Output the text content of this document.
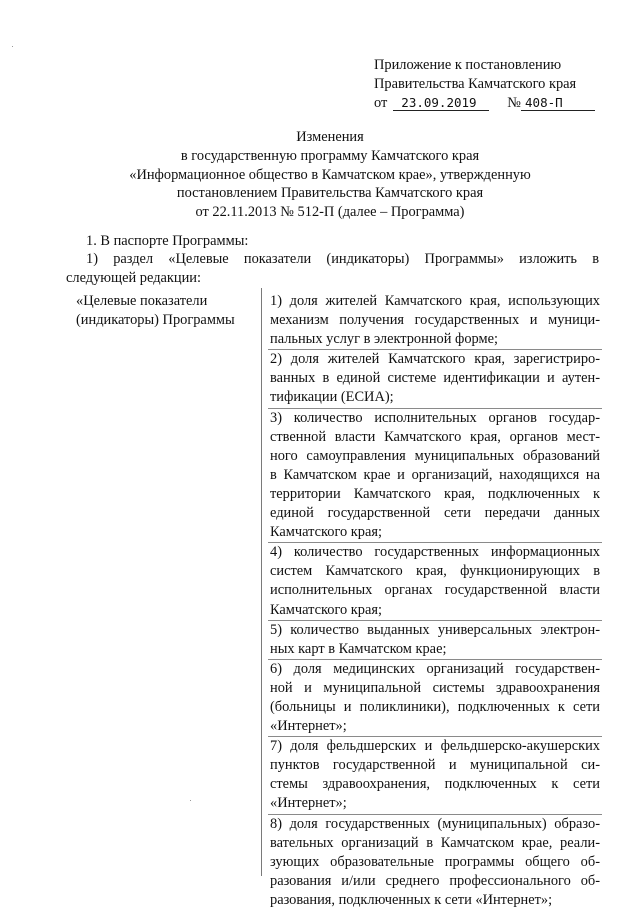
Приложение к постановлению
Правительства Камчатского края
от 23.09.2019 № 408-П
Изменения
в государственную программу Камчатского края
«Информационное общество в Камчатском крае», утвержденную
постановлением Правительства Камчатского края
от 22.11.2013 № 512-П (далее – Программа)
1. В паспорте Программы:
1) раздел «Целевые показатели (индикаторы) Программы» изложить в
следующей редакции:
«Целевые показатели
(индикаторы) Программы
1) доля жителей Камчатского края, использующих
механизм получения государственных и муници-
пальных услуг в электронной форме;
2) доля жителей Камчатского края, зарегистриро-
ванных в единой системе идентификации и аутен-
тификации (ЕСИА);
3) количество исполнительных органов государ-
ственной власти Камчатского края, органов мест-
ного самоуправления муниципальных образований
в Камчатском крае и организаций, находящихся на
территории Камчатского края, подключенных к
единой государственной сети передачи данных
Камчатского края;
4) количество государственных информационных
систем Камчатского края, функционирующих в
исполнительных органах государственной власти
Камчатского края;
5) количество выданных универсальных электрон-
ных карт в Камчатском крае;
6) доля медицинских организаций государствен-
ной и муниципальной системы здравоохранения
(больницы и поликлиники), подключенных к сети
«Интернет»;
7) доля фельдшерских и фельдшерско-акушерских
пунктов государственной и муниципальной си-
стемы здравоохранения, подключенных к сети
«Интернет»;
8) доля государственных (муниципальных) образо-
вательных организаций в Камчатском крае, реали-
зующих образовательные программы общего об-
разования и/или среднего профессионального об-
разования, подключенных к сети «Интернет»;
